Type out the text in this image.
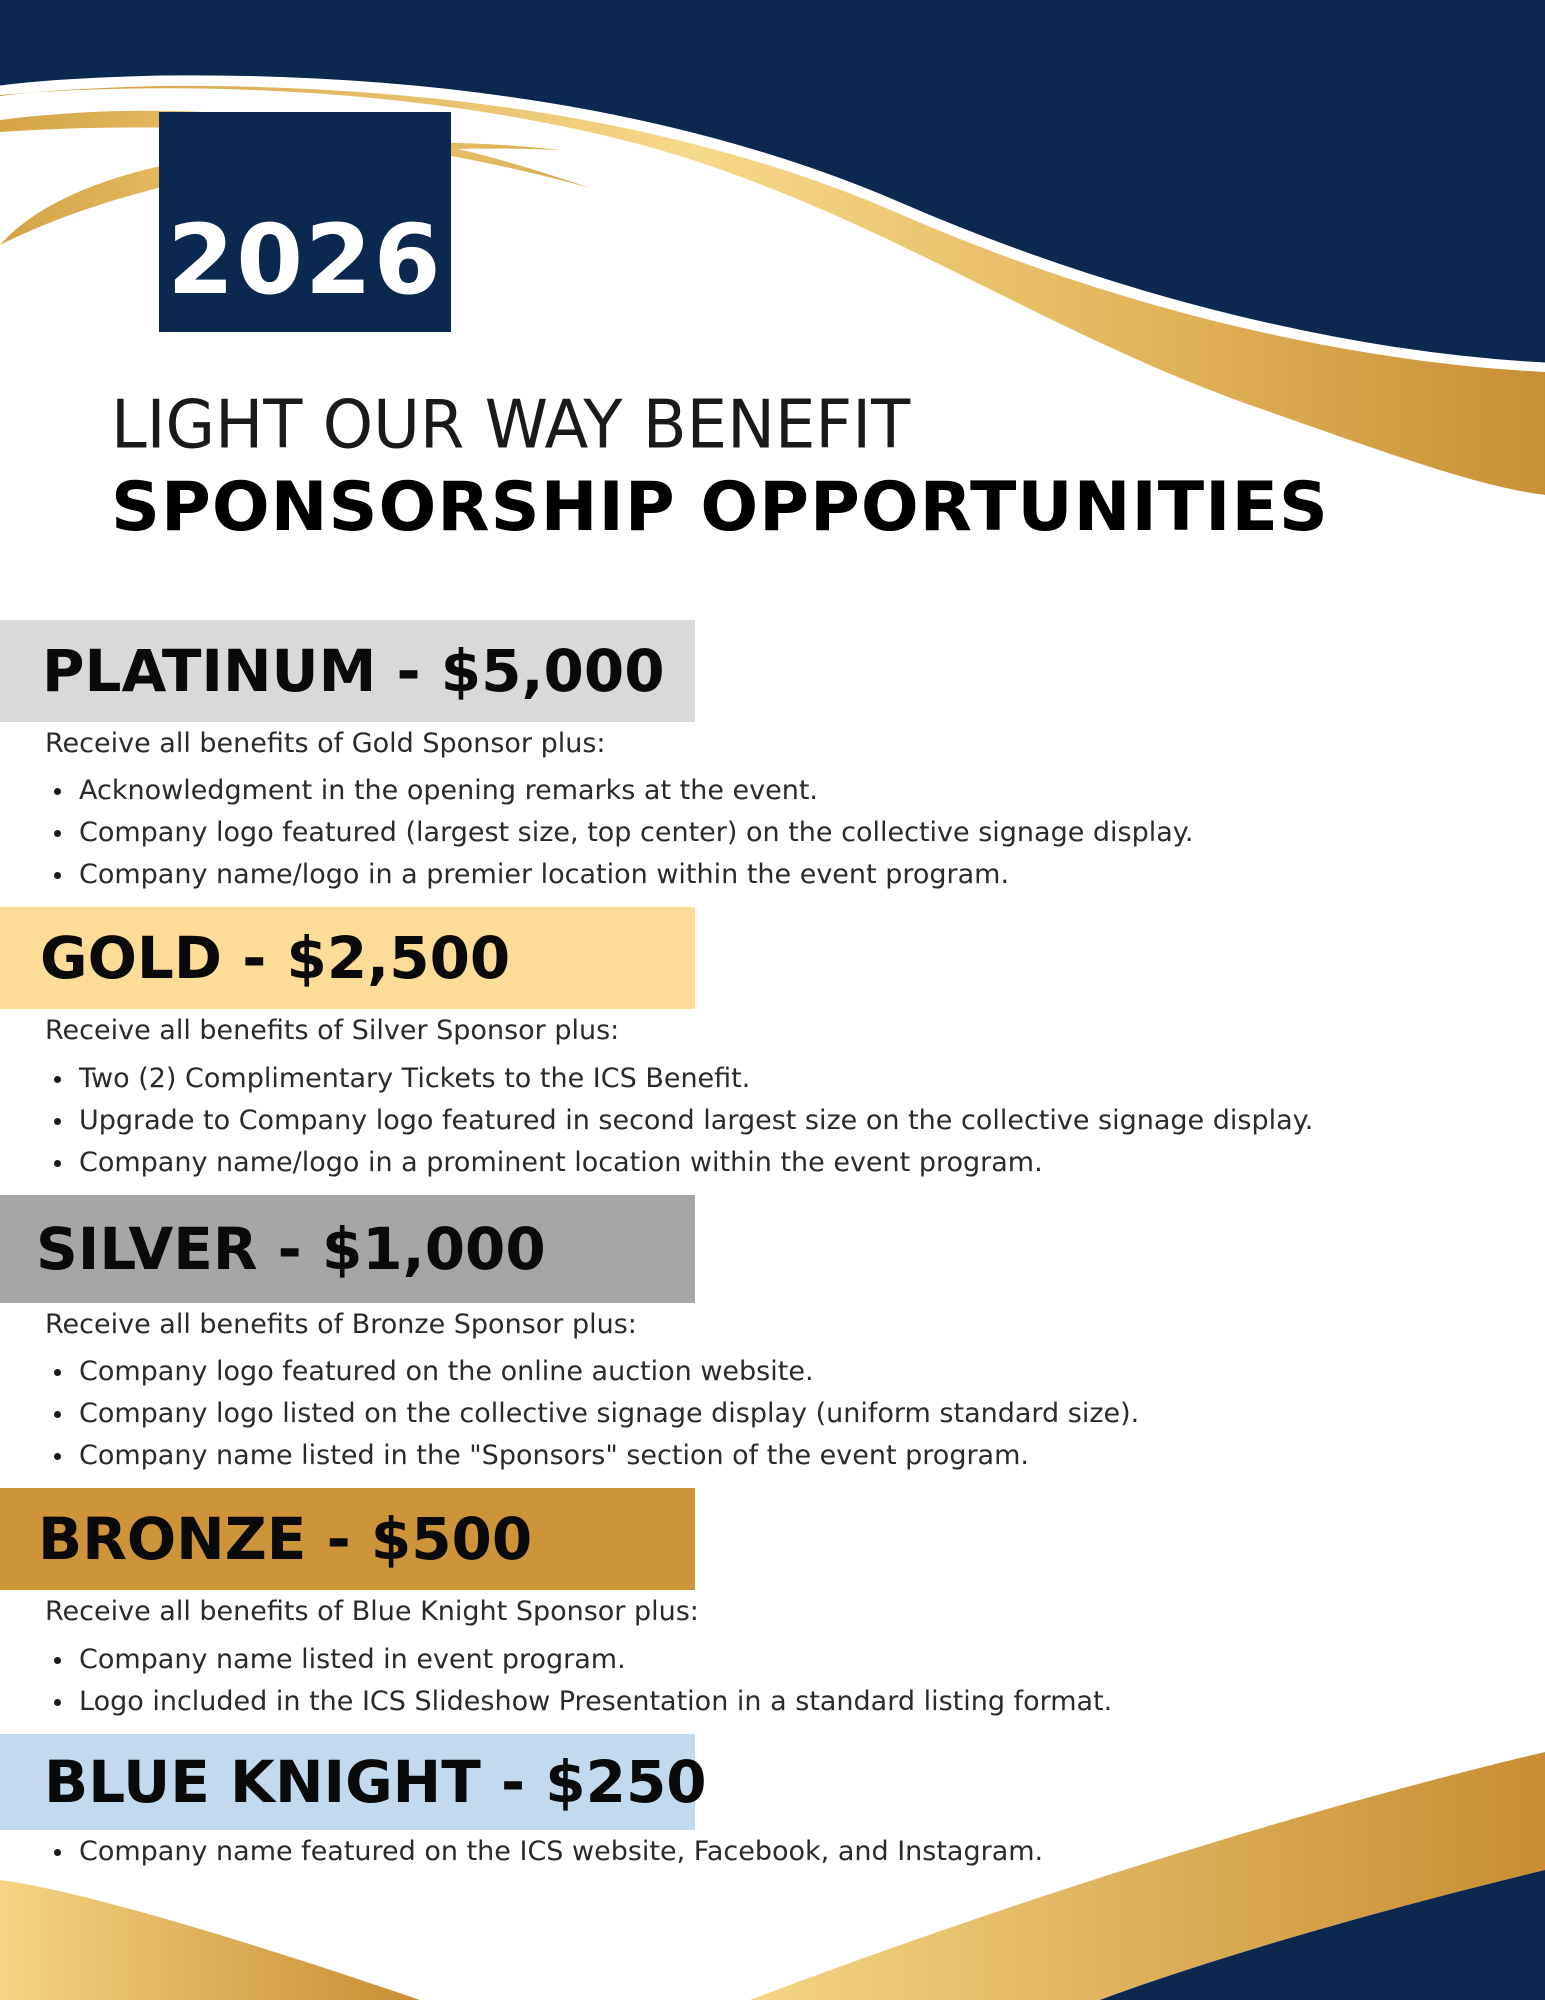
2026
LIGHT OUR WAY BENEFIT
SPONSORSHIP OPPORTUNITIES
PLATINUM - $5,000
Receive all benefits of Gold Sponsor plus:
Acknowledgment in the opening remarks at the event.
Company logo featured (largest size, top center) on the collective signage display.
Company name/logo in a premier location within the event program.
GOLD - $2,500
Receive all benefits of Silver Sponsor plus:
Two (2) Complimentary Tickets to the ICS Benefit.
Upgrade to Company logo featured in second largest size on the collective signage display.
Company name/logo in a prominent location within the event program.
SILVER - $1,000
Receive all benefits of Bronze Sponsor plus:
Company logo featured on the online auction website.
Company logo listed on the collective signage display (uniform standard size).
Company name listed in the "Sponsors" section of the event program.
BRONZE - $500
Receive all benefits of Blue Knight Sponsor plus:
Company name listed in event program.
Logo included in the ICS Slideshow Presentation in a standard listing format.
BLUE KNIGHT - $250
Company name featured on the ICS website, Facebook, and Instagram.
